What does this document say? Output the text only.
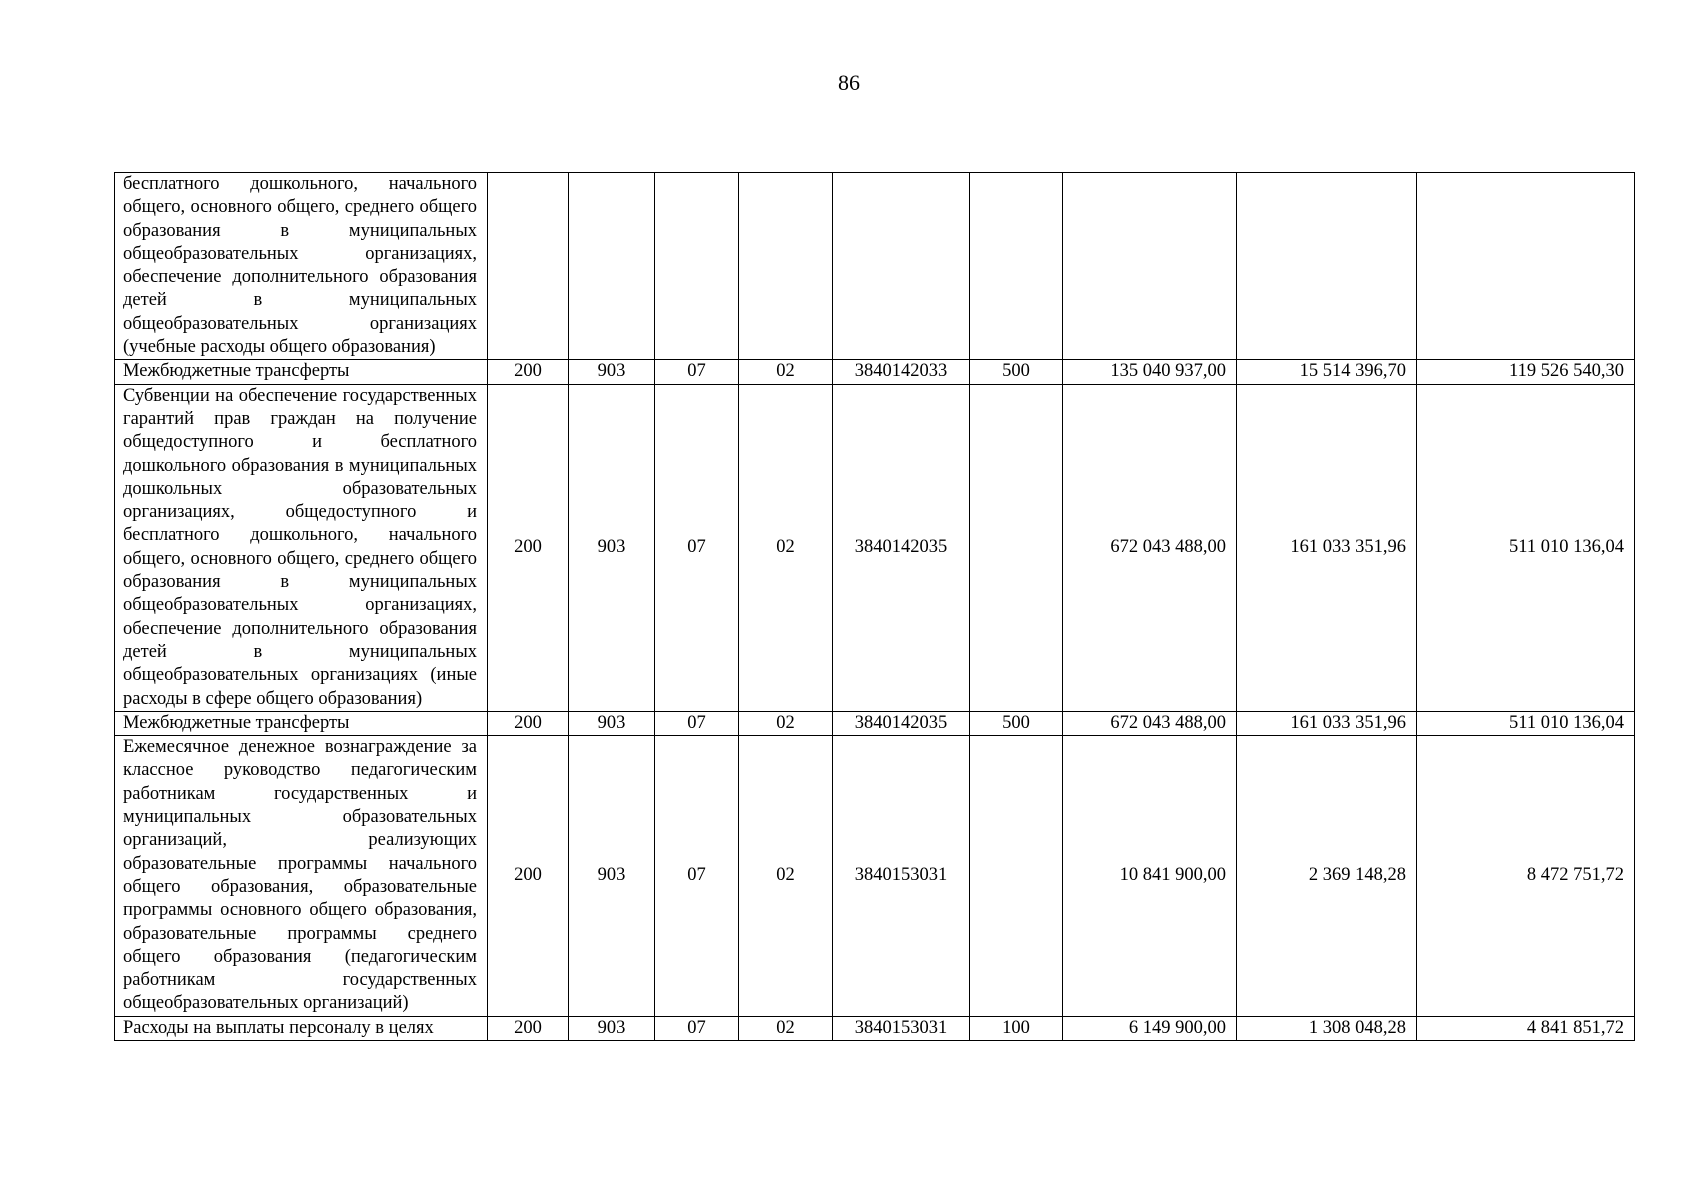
86
бесплатного дошкольного, начального общего, основного общего, среднего общего образования в муниципальных общеобразовательных организациях, обеспечение дополнительного образования детей в муниципальных общеобразовательных организациях (учебные расходы общего образования)									
Межбюджетные трансферты	200	903	07	02	3840142033	500	135 040 937,00	15 514 396,70	119 526 540,30
Субвенции на обеспечение государственных гарантий прав граждан на получение общедоступного и бесплатного дошкольного образования в муниципальных дошкольных образовательных организациях, общедоступного и бесплатного дошкольного, начального общего, основного общего, среднего общего образования в муниципальных общеобразовательных организациях, обеспечение дополнительного образования детей в муниципальных общеобразовательных организациях (иные расходы в сфере общего образования)	200	903	07	02	3840142035		672 043 488,00	161 033 351,96	511 010 136,04
Межбюджетные трансферты	200	903	07	02	3840142035	500	672 043 488,00	161 033 351,96	511 010 136,04
Ежемесячное денежное вознаграждение за классное руководство педагогическим работникам государственных и муниципальных образовательных организаций, реализующих образовательные программы начального общего образования, образовательные программы основного общего образования, образовательные программы среднего общего образования (педагогическим работникам государственных общеобразовательных организаций)	200	903	07	02	3840153031		10 841 900,00	2 369 148,28	8 472 751,72
Расходы на выплаты персоналу в целях	200	903	07	02	3840153031	100	6 149 900,00	1 308 048,28	4 841 851,72
